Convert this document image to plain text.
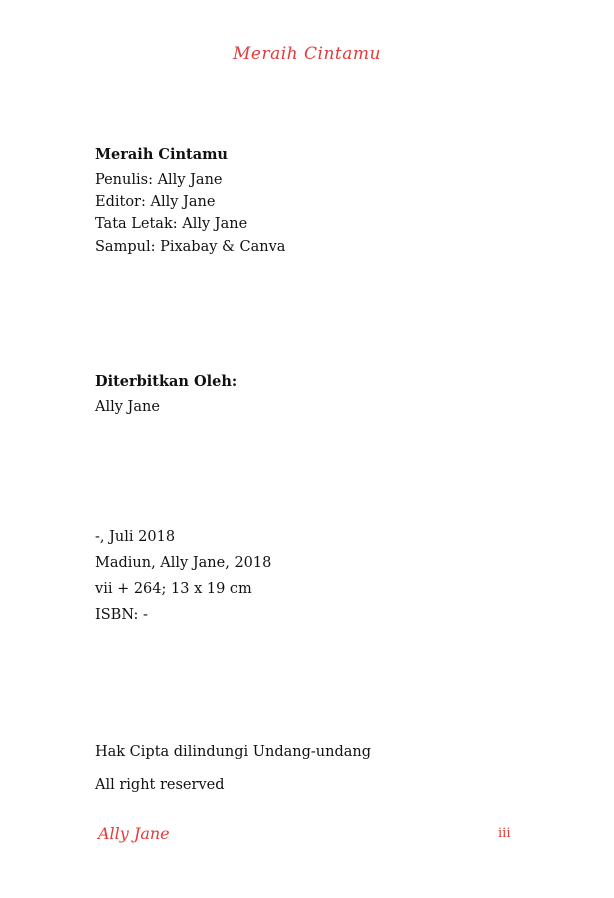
Meraih Cintamu
Meraih Cintamu
Penulis: Ally Jane
Editor: Ally Jane
Tata Letak: Ally Jane
Sampul: Pixabay & Canva
Diterbitkan Oleh:
Ally Jane
-, Juli 2018
Madiun, Ally Jane, 2018
vii + 264; 13 x 19 cm
ISBN: -
Hak Cipta dilindungi Undang-undang
All right reserved
Ally Jane	iii
